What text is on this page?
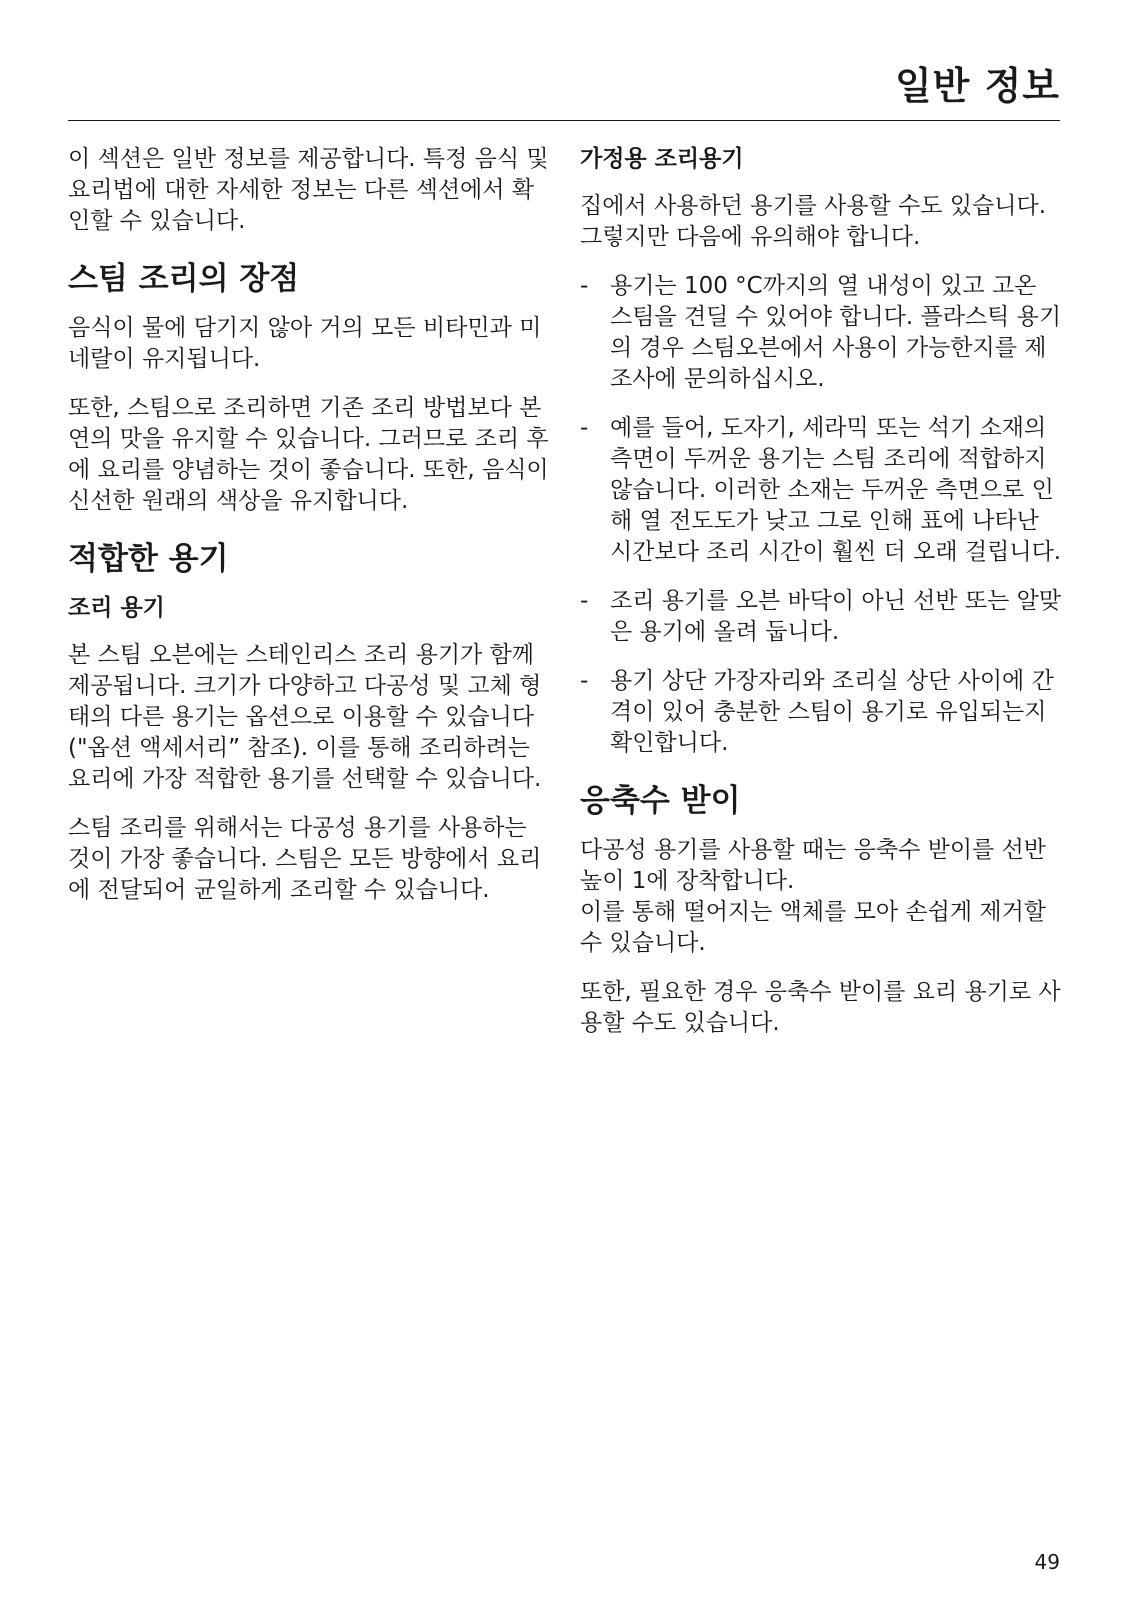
일반 정보

이 섹션은 일반 정보를 제공합니다. 특정 음식 및 요리법에 대한 자세한 정보는 다른 섹션에서 확인할 수 있습니다.

스팀 조리의 장점

음식이 물에 담기지 않아 거의 모든 비타민과 미네랄이 유지됩니다.

또한, 스팀으로 조리하면 기존 조리 방법보다 본연의 맛을 유지할 수 있습니다. 그러므로 조리 후에 요리를 양념하는 것이 좋습니다. 또한, 음식이 신선한 원래의 색상을 유지합니다.

적합한 용기
조리 용기

본 스팀 오븐에는 스테인리스 조리 용기가 함께 제공됩니다. 크기가 다양하고 다공성 및 고체 형태의 다른 용기는 옵션으로 이용할 수 있습니다("옵션 액세서리” 참조). 이를 통해 조리하려는 요리에 가장 적합한 용기를 선택할 수 있습니다.

스팀 조리를 위해서는 다공성 용기를 사용하는 것이 가장 좋습니다. 스팀은 모든 방향에서 요리에 전달되어 균일하게 조리할 수 있습니다.

가정용 조리용기

집에서 사용하던 용기를 사용할 수도 있습니다. 그렇지만 다음에 유의해야 합니다.

- 용기는 100 °C까지의 열 내성이 있고 고온 스팀을 견딜 수 있어야 합니다. 플라스틱 용기의 경우 스팀오븐에서 사용이 가능한지를 제조사에 문의하십시오.
- 예를 들어, 도자기, 세라믹 또는 석기 소재의 측면이 두꺼운 용기는 스팀 조리에 적합하지 않습니다. 이러한 소재는 두꺼운 측면으로 인해 열 전도도가 낮고 그로 인해 표에 나타난 시간보다 조리 시간이 훨씬 더 오래 걸립니다.
- 조리 용기를 오븐 바닥이 아닌 선반 또는 알맞은 용기에 올려 둡니다.
- 용기 상단 가장자리와 조리실 상단 사이에 간격이 있어 충분한 스팀이 용기로 유입되는지 확인합니다.
응축수 받이

다공성 용기를 사용할 때는 응축수 받이를 선반 높이 1에 장착합니다.
이를 통해 떨어지는 액체를 모아 손쉽게 제거할 수 있습니다.

또한, 필요한 경우 응축수 받이를 요리 용기로 사용할 수도 있습니다.

49
